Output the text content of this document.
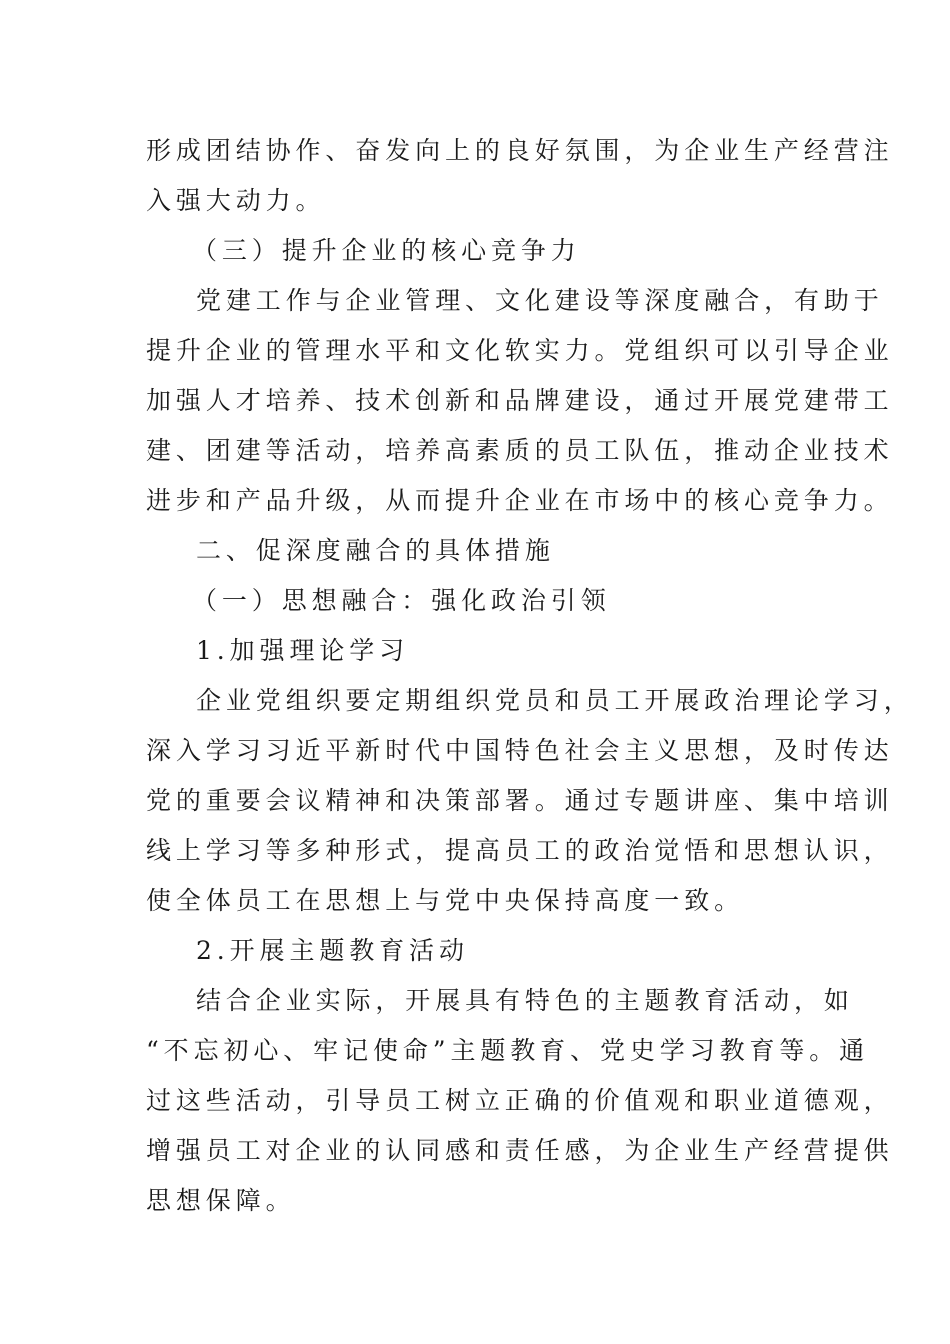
形成团结协作、奋发向上的良好氛围，为企业生产经营注
入强大动力。
（三）提升企业的核心竞争力
党建工作与企业管理、文化建设等深度融合，有助于
提升企业的管理水平和文化软实力。党组织可以引导企业
加强人才培养、技术创新和品牌建设，通过开展党建带工
建、团建等活动，培养高素质的员工队伍，推动企业技术
进步和产品升级，从而提升企业在市场中的核心竞争力。
二、促深度融合的具体措施
（一）思想融合：强化政治引领
1.加强理论学习
企业党组织要定期组织党员和员工开展政治理论学习，
深入学习习近平新时代中国特色社会主义思想，及时传达
党的重要会议精神和决策部署。通过专题讲座、集中培训
线上学习等多种形式，提高员工的政治觉悟和思想认识，
使全体员工在思想上与党中央保持高度一致。
2.开展主题教育活动
结合企业实际，开展具有特色的主题教育活动，如
“不忘初心、牢记使命”主题教育、党史学习教育等。通
过这些活动，引导员工树立正确的价值观和职业道德观，
增强员工对企业的认同感和责任感，为企业生产经营提供
思想保障。
